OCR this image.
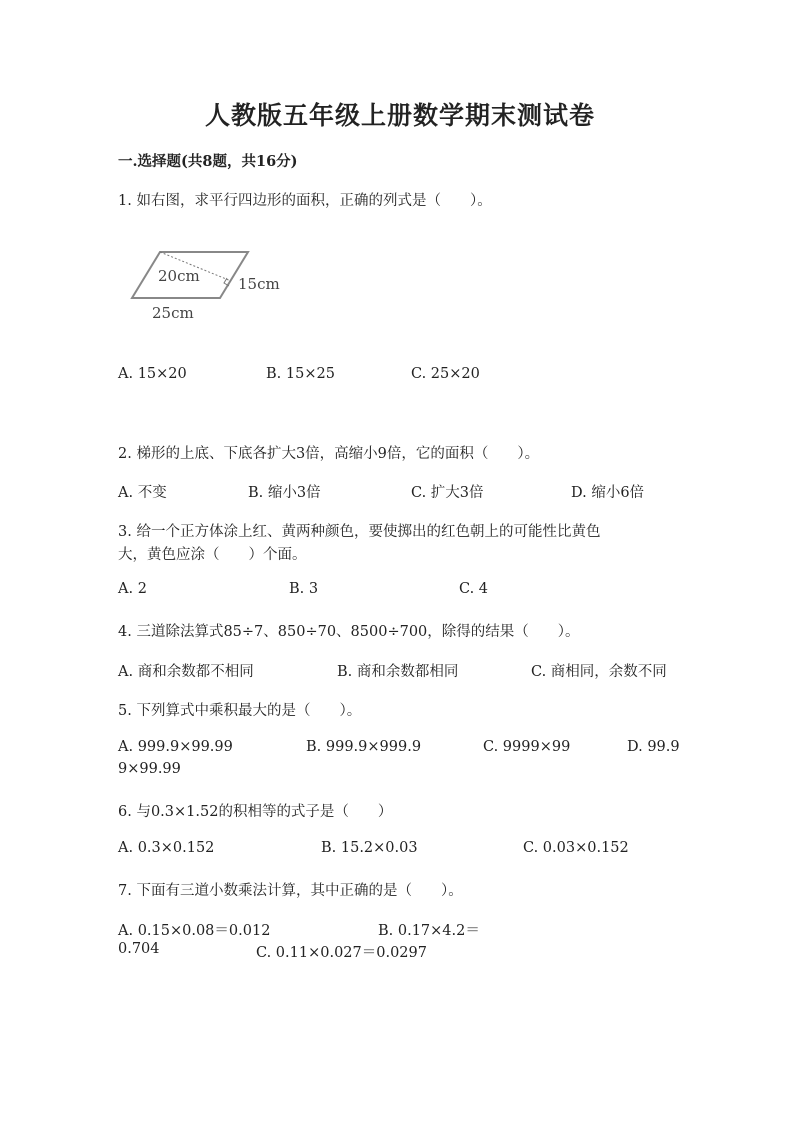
人教版五年级上册数学期末测试卷
一.选择题(共8题，共16分)
1. 如右图，求平行四边形的面积，正确的列式是（　　）。
20cm	15cm
25cm
A. 15×20	B. 15×25	C. 25×20
2. 梯形的上底、下底各扩大3倍，高缩小9倍，它的面积（　　）。
A. 不变	B. 缩小3倍	C. 扩大3倍	D. 缩小6倍
3. 给一个正方体涂上红、黄两种颜色，要使掷出的红色朝上的可能性比黄色
大，黄色应涂（　　）个面。
A. 2	B. 3	C. 4
4. 三道除法算式85÷7、850÷70、8500÷700，除得的结果（　　）。
A. 商和余数都不相同	B. 商和余数都相同	C. 商相同，余数不同
5. 下列算式中乘积最大的是（　　）。
A. 999.9×99.99	B. 999.9×999.9	C. 9999×99	D. 99.9
9×99.99
6. 与0.3×1.52的积相等的式子是（　　）
A. 0.3×0.152	B. 15.2×0.03	C. 0.03×0.152
7. 下面有三道小数乘法计算，其中正确的是（　　）。
A. 0.15×0.08＝0.012	B. 0.17×4.2＝
0.704	C. 0.11×0.027＝0.0297
